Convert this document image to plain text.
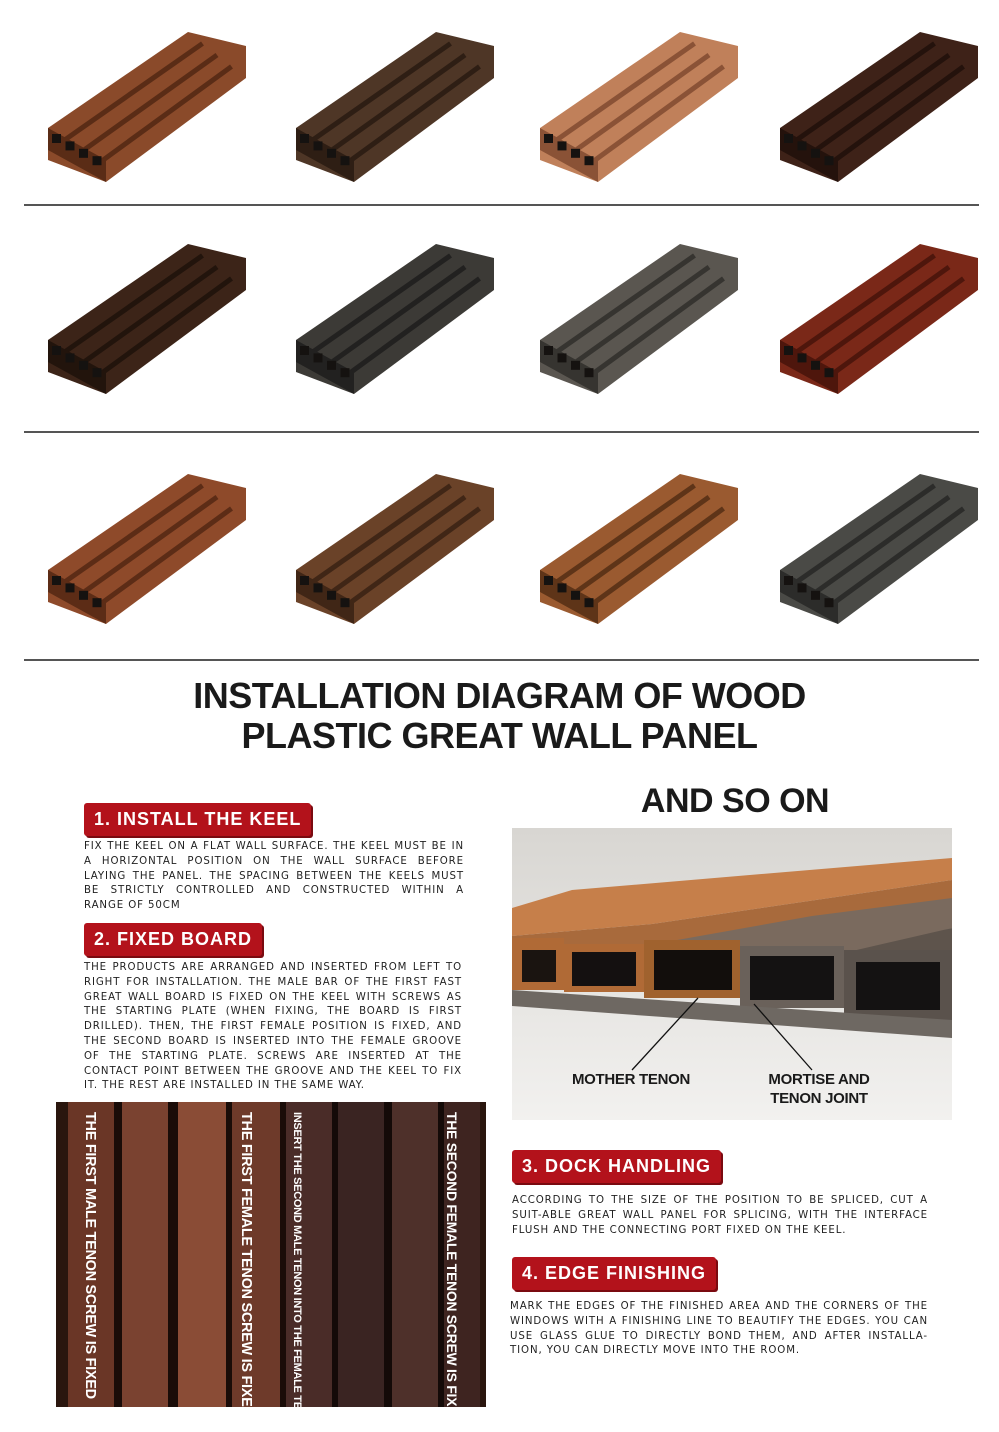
INSTALLATION DIAGRAM OF WOOD
PLASTIC GREAT WALL PANEL
1. INSTALL THE KEEL
FIX THE KEEL ON A FLAT WALL SURFACE. THE KEEL MUST BE IN A HORIZONTAL POSITION ON THE WALL SURFACE BEFORE LAYING THE PANEL. THE SPACING BETWEEN THE KEELS MUST BE STRICTLY CONTROLLED AND CONSTRUCTED WITHIN A RANGE OF 50CM
2. FIXED BOARD
THE PRODUCTS ARE ARRANGED AND INSERTED FROM LEFT TO RIGHT FOR INSTALLATION. THE MALE BAR OF THE FIRST FAST GREAT WALL BOARD IS FIXED ON THE KEEL WITH SCREWS AS THE STARTING PLATE (WHEN FIXING, THE BOARD IS FIRST DRILLED). THEN, THE FIRST FEMALE POSITION IS FIXED, AND THE SECOND BOARD IS INSERTED INTO THE FEMALE GROOVE OF THE STARTING PLATE. SCREWS ARE INSERTED AT THE CONTACT POINT BETWEEN THE GROOVE AND THE KEEL TO FIX IT. THE REST ARE INSTALLED IN THE SAME WAY.
AND SO ON
MOTHER TENON	MORTISE AND
TENON JOINT
3. DOCK HANDLING
ACCORDING TO THE SIZE OF THE POSITION TO BE SPLICED, CUT A SUIT-ABLE GREAT WALL PANEL FOR SPLICING, WITH THE INTERFACE FLUSH AND THE CONNECTING PORT FIXED ON THE KEEL.
4. EDGE FINISHING
MARK THE EDGES OF THE FINISHED AREA AND THE CORNERS OF THE WINDOWS WITH A FINISHING LINE TO BEAUTIFY THE EDGES. YOU CAN USE GLASS GLUE TO DIRECTLY BOND THEM, AND AFTER INSTALLA-TION, YOU CAN DIRECTLY MOVE INTO THE ROOM.
THE FIRST MALE TENON SCREW IS FIXED	THE FIRST FEMALE TENON SCREW IS FIXED	INSERT THE SECOND MALE TENON INTO THE FEMALE TENON	THE SECOND FEMALE TENON SCREW IS FIXED
